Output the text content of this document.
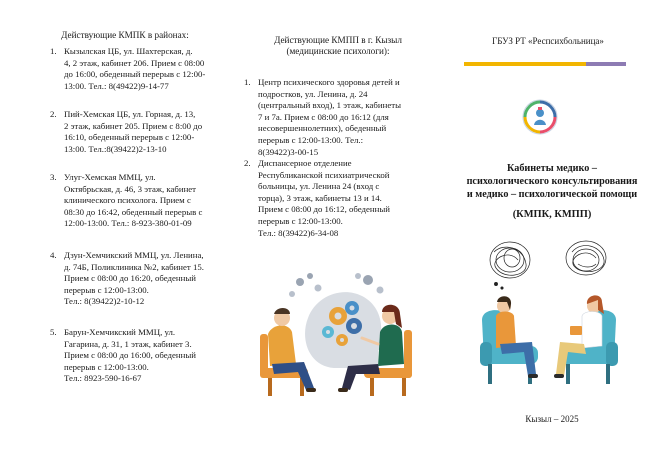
Действующие КМПК в районах:
1. Кызылская ЦБ, ул. Шахтерская, д.
4, 2 этаж, кабинет 206. Прием с 08:00
до 16:00, обеденный перерыв с 12:00-
13:00. Тел.: 8(49422)9-14-77
2. Пий-Хемская ЦБ, ул. Горная, д. 13,
2 этаж, кабинет 205. Прием с 8:00 до
16:10, обеденный перерыв с 12:00-
13:00. Тел.:8(39422)2-13-10
3. Улуг-Хемская ММЦ, ул.
Октябрьская, д. 46, 3 этаж, кабинет
клинического психолога. Прием с
08:30 до 16:42, обеденный перерыв с
12:00-13:00. Тел.: 8-923-380-01-09
4. Дзун-Хемчикский ММЦ, ул. Ленина,
д. 74Б, Поликлиника №2, кабинет 15.
Прием с 08:00 до 16:20, обеденный
перерыв с 12:00-13:00.
Тел.: 8(39422)2-10-12
5. Барун-Хемчикский ММЦ, ул.
Гагарина, д. 31, 1 этаж, кабинет 3.
Прием с 08:00 до 16:00, обеденный
перерыв с 12:00-13:00.
Тел.: 8923-590-16-67
Действующие КМПП в г. Кызыл
(медицинские психологи):
1. Центр психического здоровья детей и
подростков, ул. Ленина, д. 24
(центральный вход), 1 этаж, кабинеты
7 и 7а. Прием с 08:00 до 16:12 (для
несовершеннолетних), обеденный
перерыв с 12:00-13:00. Тел.:
8(39422)3-00-15
2. Диспансерное отделение
Республиканской психиатрической
больницы, ул. Ленина 24 (вход с
торца), 3 этаж, кабинеты 13 и 14.
Прием с 08:00 до 16:12, обеденный
перерыв с 12:00-13:00.
Тел.: 8(39422)6-34-08
ГБУЗ РТ «Респсихбольница»
Кабинеты медико –
психологического консультирования
и медико – психологической помощи
(КМПК, КМПП)
Кызыл – 2025
